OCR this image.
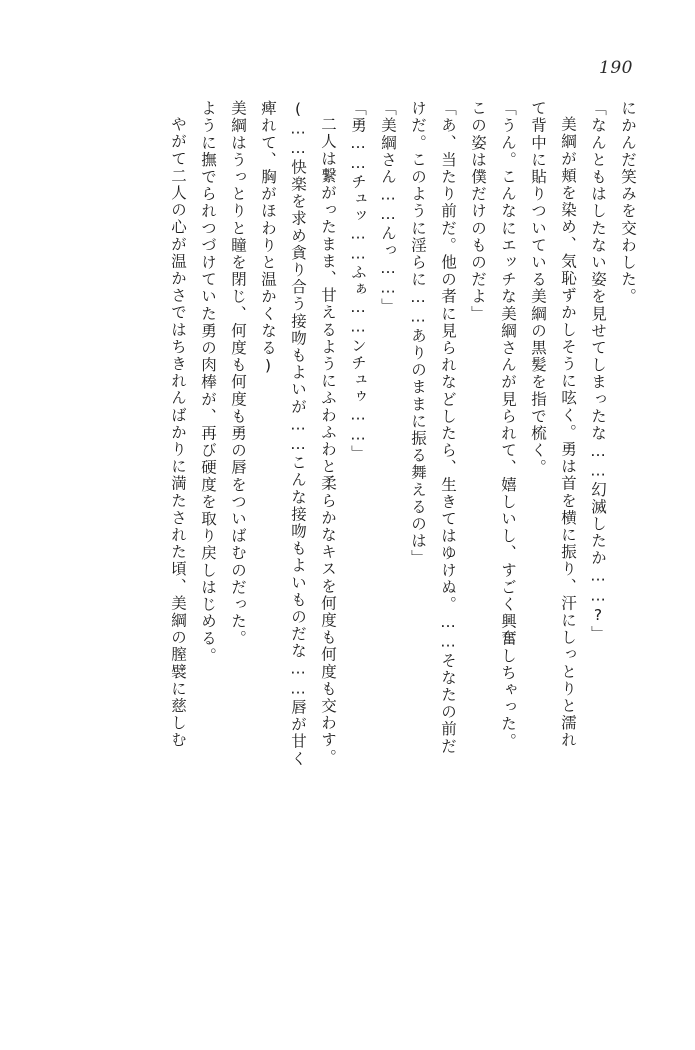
190
にかんだ笑みを交わした。
「なんともはしたない姿を見せてしまったな……幻滅したか……?」
美綱が頬を染め、気恥ずかしそうに呟く。勇は首を横に振り、汗にしっとりと濡れ
て背中に貼りついている美綱の黒髪を指で梳く。
「うん。こんなにエッチな美綱さんが見られて、嬉しいし、すごく興奮しちゃった。
この姿は僕だけのものだよ」
「あ、当たり前だ。他の者に見られなどしたら、生きてはゆけぬ。……そなたの前だ
けだ。このように淫らに……ありのままに振る舞えるのは」
「美綱さん……んっ……」
「勇……チュッ……ふぁ……ンチュゥ……」
二人は繋がったまま、甘えるようにふわふわと柔らかなキスを何度も何度も交わす。
(……快楽を求め貪り合う接吻もよいが……こんな接吻もよいものだな……唇が甘く
痺れて、胸がほわりと温かくなる)
美綱はうっとりと瞳を閉じ、何度も何度も勇の唇をついばむのだった。
ように撫でられつづけていた勇の肉棒が、再び硬度を取り戻しはじめる。
やがて二人の心が温かさではちきれんばかりに満たされた頃、美綱の膣襞に慈しむ
